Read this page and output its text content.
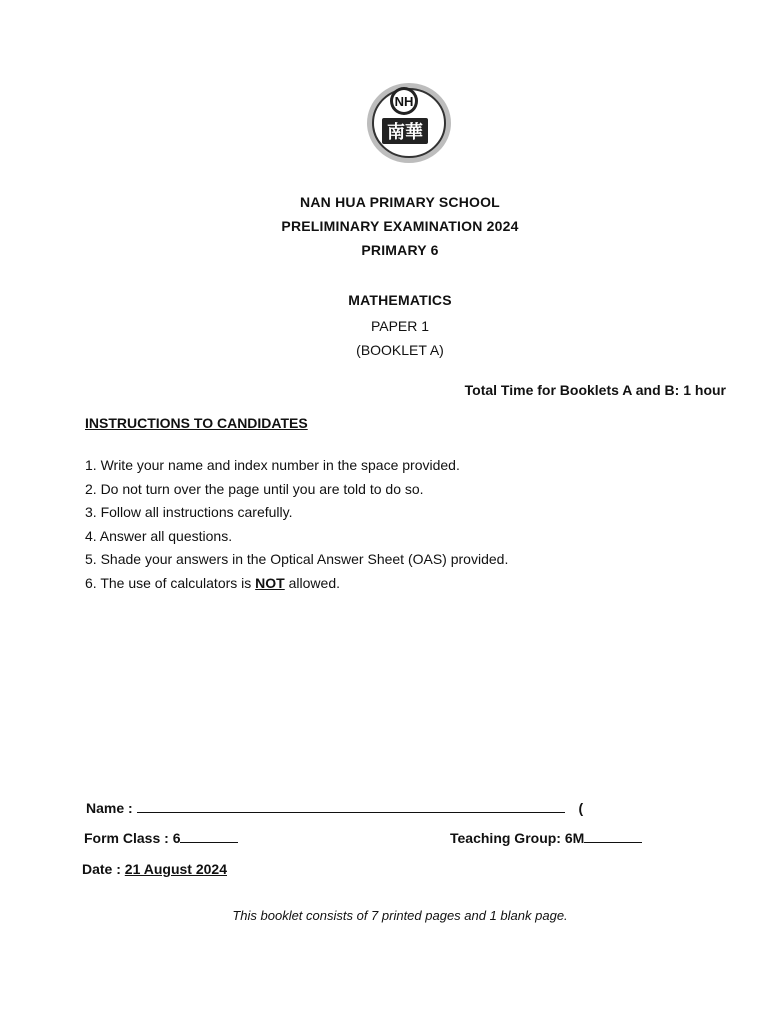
NH
南華
NAN HUA PRIMARY SCHOOL
PRELIMINARY EXAMINATION 2024
PRIMARY 6
MATHEMATICS
PAPER 1
(BOOKLET A)
Total Time for Booklets A and B: 1 hour
INSTRUCTIONS TO CANDIDATES
1. Write your name and index number in the space provided.
2. Do not turn over the page until you are told to do so.
3. Follow all instructions carefully.
4. Answer all questions.
5. Shade your answers in the Optical Answer Sheet (OAS) provided.
6. The use of calculators is NOT allowed.
Name :	(
Form Class : 6	Teaching Group: 6M
Date : 21 August 2024
This booklet consists of 7 printed pages and 1 blank page.
